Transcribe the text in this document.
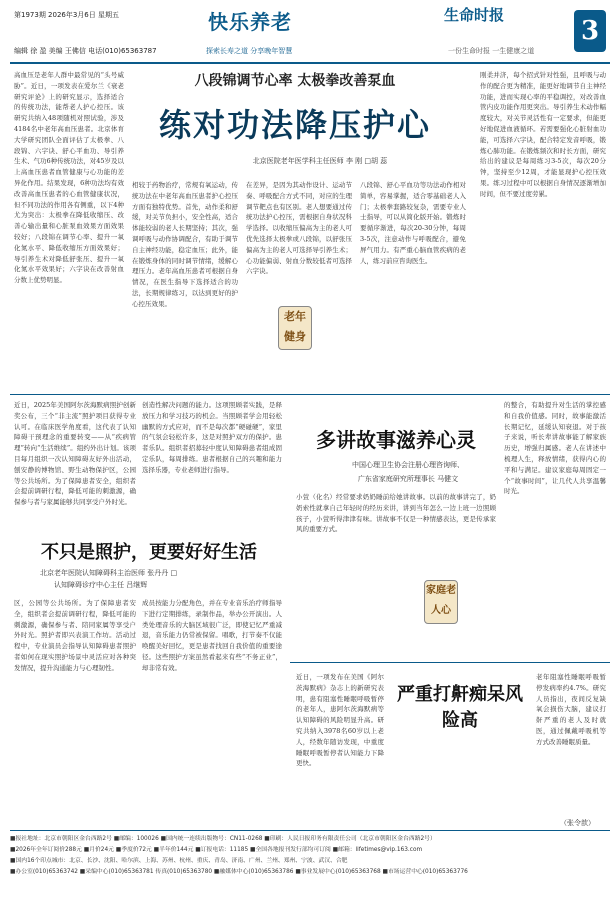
第1973期 2026年3月6日 星期五
编辑 徐 盈 美编 王佛信 电话(010)65363787
快乐养老
探索长寿之道 分享晚年智慧
生命时报
一份生命时报 一生健康之道
3
八段锦调节心率 太极拳改善泵血
练对功法降压护心
北京医院老年医学科主任医师 李 刚 □胡 蕊
高血压是老年人群中最常见的“头号威胁”。近日，一项发表在爱尔兰《衰老研究评论》上的研究显示，选择适合的传统功法，能帮老人护心控压。该研究共纳入48项随机对照试验，涉及4184名中老年高血压患者。北京体育大学研究团队全面评估了太极拳、八段锦、六字诀、舒心平血功、导引养生术、气功6种传统功法，对45岁及以上高血压患者血管健康与心功能的差异化作用。结果发现，6种功法均有效改善高血压患者的心血管健康状况，但不同功法的作用各有侧重，以下4种尤为突出：太极拳在降低收缩压、改善心输出量和心脏泵血效果方面效果较好；八段锦在调节心率、提升一氧化氮水平、降低收缩压方面效果好；导引养生术对降低舒张压、提升一氧化氮水平效果好；六字诀在改善射血分数上优势明显。
相较于药物治疗，常规有氧运动，传统功法在中老年高血压患者护心控压方面有独特优势。首先，动作柔和舒缓，对关节负担小，安全性高，适合体能较弱的老人长期坚持；其次，强调呼吸与动作协调配合，有助于调节自主神经功能，稳定血压；此外，能在锻炼身体的同时调节情绪，缓解心理压力。老年高血压患者可根据自身情况，在医生指导下选择适合的功法，长期规律练习，以达到更好的护心控压效果。
在差异，是因为其动作设计、运动节奏、呼吸配合方式不同，对应的生理调节靶点也有区别。老人想要通过传统功法护心控压，需根据自身状况科学选择。以收缩压偏高为主的老人可优先选择太极拳或八段锦，以舒张压偏高为主的老人可选择导引养生术；心功能偏弱、射血分数较低者可选择六字诀。
八段锦、舒心平血功等功法动作相对简单，容易掌握，适合零基础老人入门；太极拳套路较复杂，需要专业人士指导，可以从简化版开始。锻炼时要循序渐进，每次20-30分钟，每周3-5次，注意动作与呼吸配合，避免屏气用力。有严重心脑血管疾病的老人，练习前应咨询医生。
刚柔并济，每个招式针对性强，且呼吸与动作的配合更为精准，能更好地调节自主神经功能，进而实现心率的平稳调控，对改善血管内皮功能作用更突出。导引养生术动作幅度较大，对关节灵活性有一定要求，但能更好地促进血液循环。若需要强化心脏射血功能，可选择六字诀，配合特定发音呼吸，锻炼心肺功能。在锻炼频次和时长方面，研究给出的建议是每周练习3-5次，每次20分钟，坚持至少12周，才能显现护心控压效果。练习过程中可以根据自身情况逐渐增加时间，但不要过度劳累。
老年健身
近日，2025年美国阿尔茨海默病照护创新奖公布，三个“非主流”照护项目获得专业认可。在临床医学角度看，这代表了认知障碍干预理念的重要转变——从“疾病管理”转向“生活维续”。组约外出计划。该项目每月组织一次认知障碍友好外出活动，刨安静的博物馆、野生动物保护区，公园等公共场所。为了保障患者安全，组织者会提前调研行程，降低可能的刺激源，确保参与者与家属能够共同享受户外时光。
创造性解决问题的能力。这项照顾者实践，是释放压力和学习技巧的机会。当照顾者学会用轻松幽默的方式应对，而不是每次都“硬碰硬”，家里的气氛会轻松许多，这是对照护双方的保护。患者乐队。组织者招募轻中度认知障碍患者组成固定乐队，每周排练。患者根据自己的兴趣和能力选择乐器，专业老师进行指导。
不只是照护，更要好好生活
北京老年医院认知障碍科主治医师 张丹丹 □
认知障碍诊疗中心主任 吕继辉
区，公园等公共场所。为了保障患者安全，组织者会提前调研行程，降低可能的刺激源，确保参与者、陪同家属等享受户外时光。照护者即兴表演工作坊。活动过程中，专业演员会指导认知障碍患者照护者如何在现实照护场景中灵活应对各种突发情况，提升沟通能力与心理韧性。
成员按能力分配角色，并在专业音乐治疗师指导下进行定期排练，录制作品，举办公开演出。人类处理音乐的大脑区域很广泛，即使记忆严重减退，音乐能力仍常被保留。唱歌，打节奏不仅能唤醒美好回忆，更是患者找回自我价值的重要途径。这些照护方案虽然看起来有些“不务正业”，却非常有效。
多讲故事滋养心灵
中国心理卫生协会注册心理咨询师、
广东省家庭研究所理事长 马健文
小萱（化名）经常要求奶奶睡前给她讲故事。以前的故事讲完了，奶奶索性就拿自己年轻时的经历来讲，讲到当年怎么一边上班一边照顾孩子，小萱听得津津有味。讲故事不仅是一种情感表达，更是传承家风的重要方式。
的整合，有助提升对生活的掌控感和自我价值感。同时，故事能激活长期记忆，延缓认知衰退。对于孩子来说，听长辈讲故事能了解家族历史，增强归属感。老人在讲述中梳理人生，释放情绪，获得内心的平和与满足。建议家庭每周固定一个“故事时间”，让几代人共享温馨时光。
家庭老人心
严重打鼾痴呆风险高
近日，一项发布在美国《阿尔茨海默病》杂志上的新研究表明，患有阻塞性睡眠呼吸暂停的老年人，患阿尔茨海默病等认知障碍的风险明显升高。研究共纳入3978名60岁以上老人，经数年随访发现，中重度睡眠呼吸暂停者认知能力下降更快。
老年阻塞性睡眠呼吸暂停发病率约4.7%。研究人员指出，夜间反复缺氧会损伤大脑，建议打鼾严重的老人及时就医，通过佩戴呼吸机等方式改善睡眠质量。
（张令歆）
■报社地址：北京市朝阳区金台西路2号 ■邮编：100026 ■国内统一连续出版物号：CN11-0268 ■印刷：人民日报印务有限责任公司（北京市朝阳区金台西路2号）
■2026年全年订阅价288元 ■月价24元 ■季度价72元 ■半年价144元 ■订报电话：11185 ■全国各地报刊发行部均可订阅 ■邮箱：lifetimes@vip.163.com
■国内16个印点城市：北京、长沙、沈阳、哈尔滨、上海、苏州、杭州、重庆、青岛、济南、广州、兰州、郑州、宁波、武汉、合肥
■办公室(010)65363742 ■采编中心(010)65363781 传真(010)65363780 ■融媒体中心(010)65363786 ■事业发展中心(010)65363768 ■市场运营中心(010)65363776
